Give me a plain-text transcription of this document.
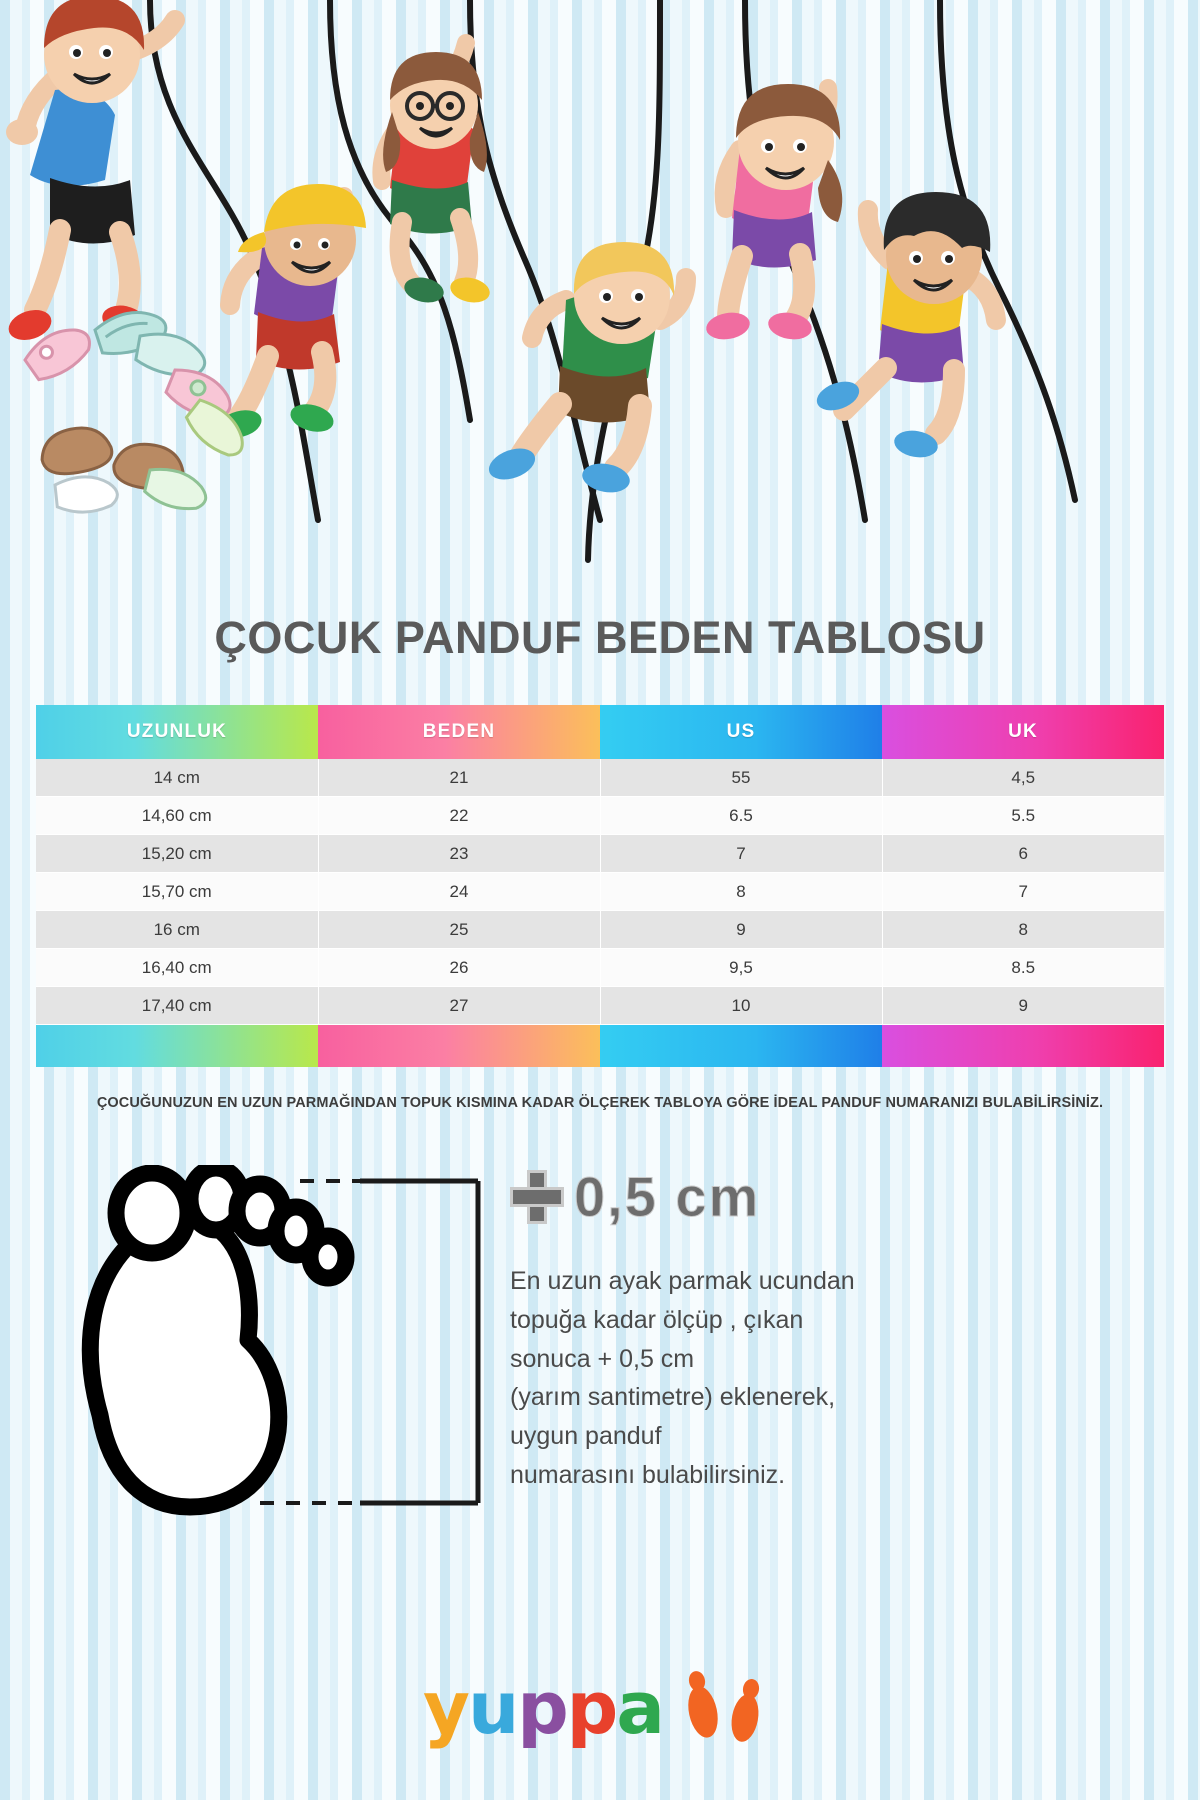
ÇOCUK PANDUF BEDEN TABLOSU
UZUNLUK	BEDEN	US	UK
14 cm	21	55	4,5
14,60 cm	22	6.5	5.5
15,20 cm	23	7	6
15,70 cm	24	8	7
16 cm	25	9	8
16,40 cm	26	9,5	8.5
17,40 cm	27	10	9
ÇOCUĞUNUZUN EN UZUN PARMAĞINDAN TOPUK KISMINA KADAR ÖLÇEREK TABLOYA GÖRE İDEAL PANDUF NUMARANIZI BULABİLİRSİNİZ.
0,5 cm
En uzun ayak parmak ucundan
topuğa kadar ölçüp , çıkan
sonuca + 0,5 cm
(yarım santimetre) eklenerek,
uygun panduf
numarasını bulabilirsiniz.
yuppa
